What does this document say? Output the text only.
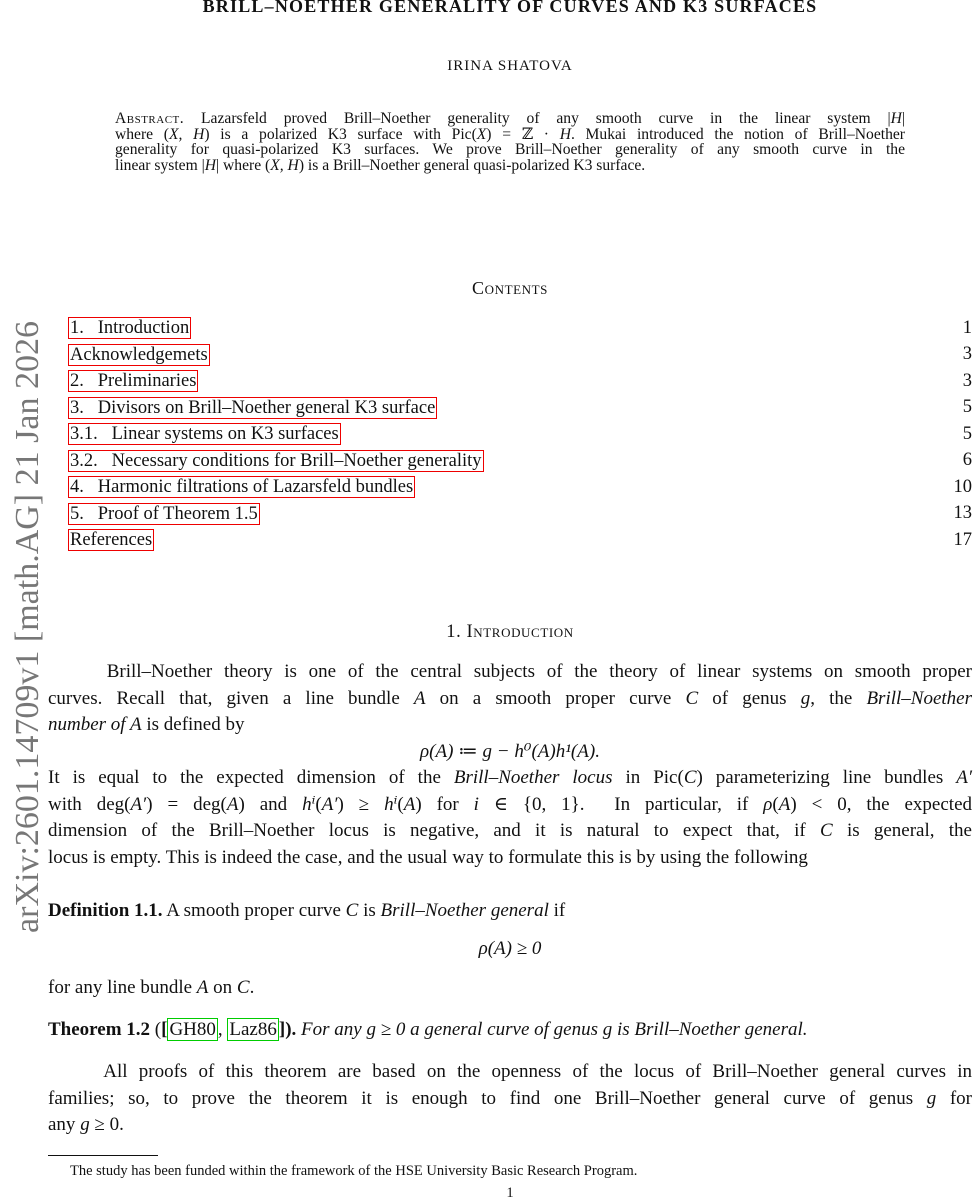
BRILL–NOETHER GENERALITY OF CURVES AND K3 SURFACES
IRINA SHATOVA
Abstract. Lazarsfeld proved Brill–Noether generality of any smooth curve in the linear system |H|
where (X, H) is a polarized K3 surface with Pic(X) = ℤ · H. Mukai introduced the notion of Brill–Noether
generality for quasi-polarized K3 surfaces. We prove Brill–Noether generality of any smooth curve in the
linear system |H| where (X, H) is a Brill–Noether general quasi-polarized K3 surface.
arXiv:2601.14709v1 [math.AG] 21 Jan 2026
Contents
1.   Introduction	1
Acknowledgemets	3
2.   Preliminaries	3
3.   Divisors on Brill–Noether general K3 surface	5
3.1.   Linear systems on K3 surfaces	5
3.2.   Necessary conditions for Brill–Noether generality	6
4.   Harmonic filtrations of Lazarsfeld bundles	10
5.   Proof of Theorem 1.5	13
References	17
1. Introduction
Brill–Noether theory is one of the central subjects of the theory of linear systems on smooth proper
curves. Recall that, given a line bundle A on a smooth proper curve C of genus g, the Brill–Noether
number of A is defined by
ρ(A) ≔ g − h⁰(A)h¹(A).
It is equal to the expected dimension of the Brill–Noether locus in Pic(C) parameterizing line bundles A′
with deg(A′) = deg(A) and hⁱ(A′) ≥ hⁱ(A) for i ∈ {0, 1}.  In particular, if ρ(A) < 0, the expected
dimension of the Brill–Noether locus is negative, and it is natural to expect that, if C is general, the
locus is empty. This is indeed the case, and the usual way to formulate this is by using the following
Definition 1.1. A smooth proper curve C is Brill–Noether general if
ρ(A) ≥ 0
for any line bundle A on C.
Theorem 1.2 ([ GH80 , Laz86 ]). For any g ≥ 0 a general curve of genus g is Brill–Noether general.
All proofs of this theorem are based on the openness of the locus of Brill–Noether general curves in
families; so, to prove the theorem it is enough to find one Brill–Noether general curve of genus g for
any g ≥ 0.
The study has been funded within the framework of the HSE University Basic Research Program.
1
